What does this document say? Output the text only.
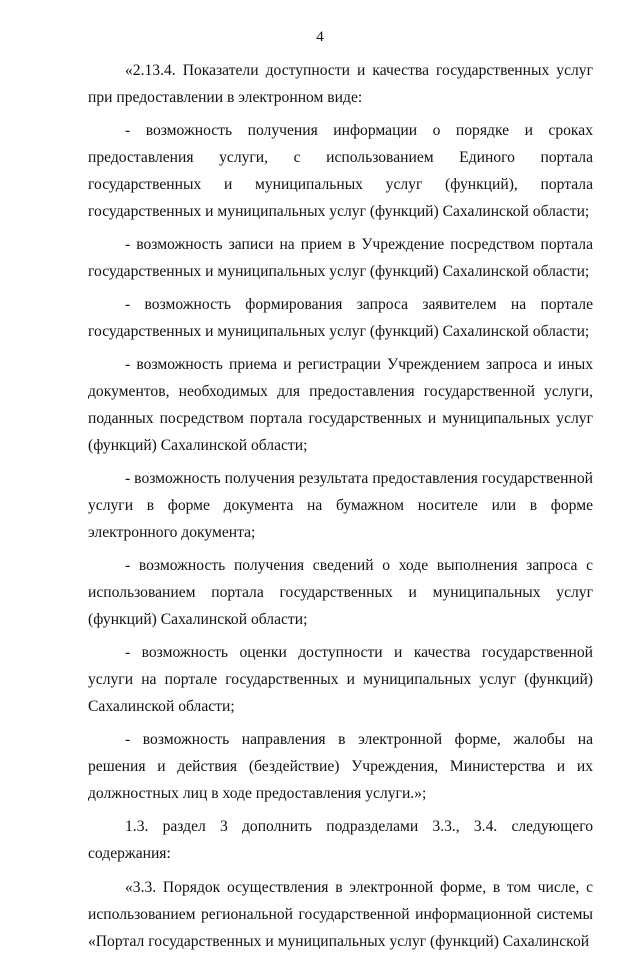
4

«2.13.4. Показатели доступности и качества государственных услуг при предоставлении в электронном виде:

- возможность получения информации о порядке и сроках предоставления услуги, с использованием Единого портала государственных и муниципальных услуг (функций), портала государственных и муниципальных услуг (функций) Сахалинской области;

- возможность записи на прием в Учреждение посредством портала государственных и муниципальных услуг (функций) Сахалинской области;

- возможность формирования запроса заявителем на портале государственных и муниципальных услуг (функций) Сахалинской области;

- возможность приема и регистрации Учреждением запроса и иных документов, необходимых для предоставления государственной услуги, поданных посредством портала государственных и муниципальных услуг (функций) Сахалинской области;

- возможность получения результата предоставления государственной услуги в форме документа на бумажном носителе или в форме электронного документа;

- возможность получения сведений о ходе выполнения запроса с использованием портала государственных и муниципальных услуг (функций) Сахалинской области;

- возможность оценки доступности и качества государственной услуги на портале государственных и муниципальных услуг (функций) Сахалинской области;

- возможность направления в электронной форме, жалобы на решения и действия (бездействие) Учреждения, Министерства и их должностных лиц в ходе предоставления услуги.»;

1.3. раздел 3 дополнить подразделами 3.3., 3.4. следующего содержания:

«3.3. Порядок осуществления в электронной форме, в том числе, с использованием региональной государственной информационной системы «Портал государственных и муниципальных услуг (функций) Сахалинской
